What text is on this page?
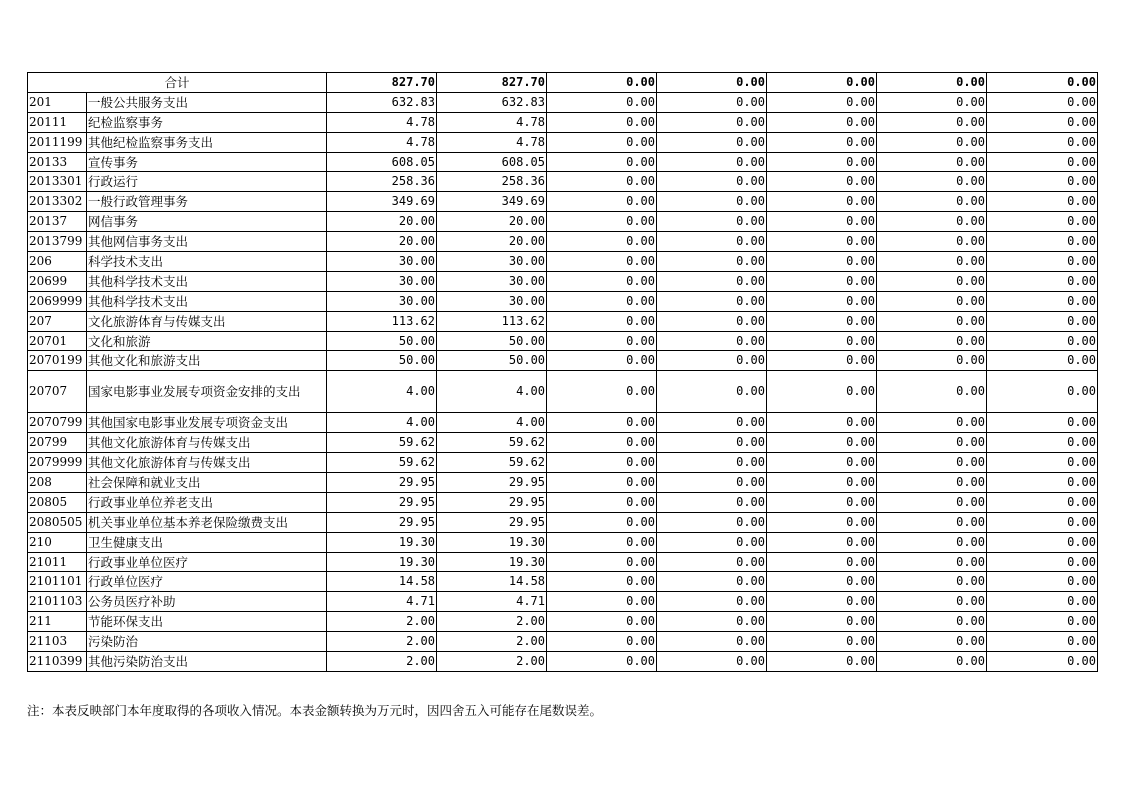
合计		827.70	827.70	0.00	0.00	0.00	0.00	0.00
201	一般公共服务支出	632.83	632.83	0.00	0.00	0.00	0.00	0.00
20111	纪检监察事务	4.78	4.78	0.00	0.00	0.00	0.00	0.00
2011199	其他纪检监察事务支出	4.78	4.78	0.00	0.00	0.00	0.00	0.00
20133	宣传事务	608.05	608.05	0.00	0.00	0.00	0.00	0.00
2013301	行政运行	258.36	258.36	0.00	0.00	0.00	0.00	0.00
2013302	一般行政管理事务	349.69	349.69	0.00	0.00	0.00	0.00	0.00
20137	网信事务	20.00	20.00	0.00	0.00	0.00	0.00	0.00
2013799	其他网信事务支出	20.00	20.00	0.00	0.00	0.00	0.00	0.00
206	科学技术支出	30.00	30.00	0.00	0.00	0.00	0.00	0.00
20699	其他科学技术支出	30.00	30.00	0.00	0.00	0.00	0.00	0.00
2069999	其他科学技术支出	30.00	30.00	0.00	0.00	0.00	0.00	0.00
207	文化旅游体育与传媒支出	113.62	113.62	0.00	0.00	0.00	0.00	0.00
20701	文化和旅游	50.00	50.00	0.00	0.00	0.00	0.00	0.00
2070199	其他文化和旅游支出	50.00	50.00	0.00	0.00	0.00	0.00	0.00
20707	国家电影事业发展专项资金安排的支出	4.00	4.00	0.00	0.00	0.00	0.00	0.00
2070799	其他国家电影事业发展专项资金支出	4.00	4.00	0.00	0.00	0.00	0.00	0.00
20799	其他文化旅游体育与传媒支出	59.62	59.62	0.00	0.00	0.00	0.00	0.00
2079999	其他文化旅游体育与传媒支出	59.62	59.62	0.00	0.00	0.00	0.00	0.00
208	社会保障和就业支出	29.95	29.95	0.00	0.00	0.00	0.00	0.00
20805	行政事业单位养老支出	29.95	29.95	0.00	0.00	0.00	0.00	0.00
2080505	机关事业单位基本养老保险缴费支出	29.95	29.95	0.00	0.00	0.00	0.00	0.00
210	卫生健康支出	19.30	19.30	0.00	0.00	0.00	0.00	0.00
21011	行政事业单位医疗	19.30	19.30	0.00	0.00	0.00	0.00	0.00
2101101	行政单位医疗	14.58	14.58	0.00	0.00	0.00	0.00	0.00
2101103	公务员医疗补助	4.71	4.71	0.00	0.00	0.00	0.00	0.00
211	节能环保支出	2.00	2.00	0.00	0.00	0.00	0.00	0.00
21103	污染防治	2.00	2.00	0.00	0.00	0.00	0.00	0.00
2110399	其他污染防治支出	2.00	2.00	0.00	0.00	0.00	0.00	0.00
注：本表反映部门本年度取得的各项收入情况。本表金额转换为万元时，因四舍五入可能存在尾数误差。
